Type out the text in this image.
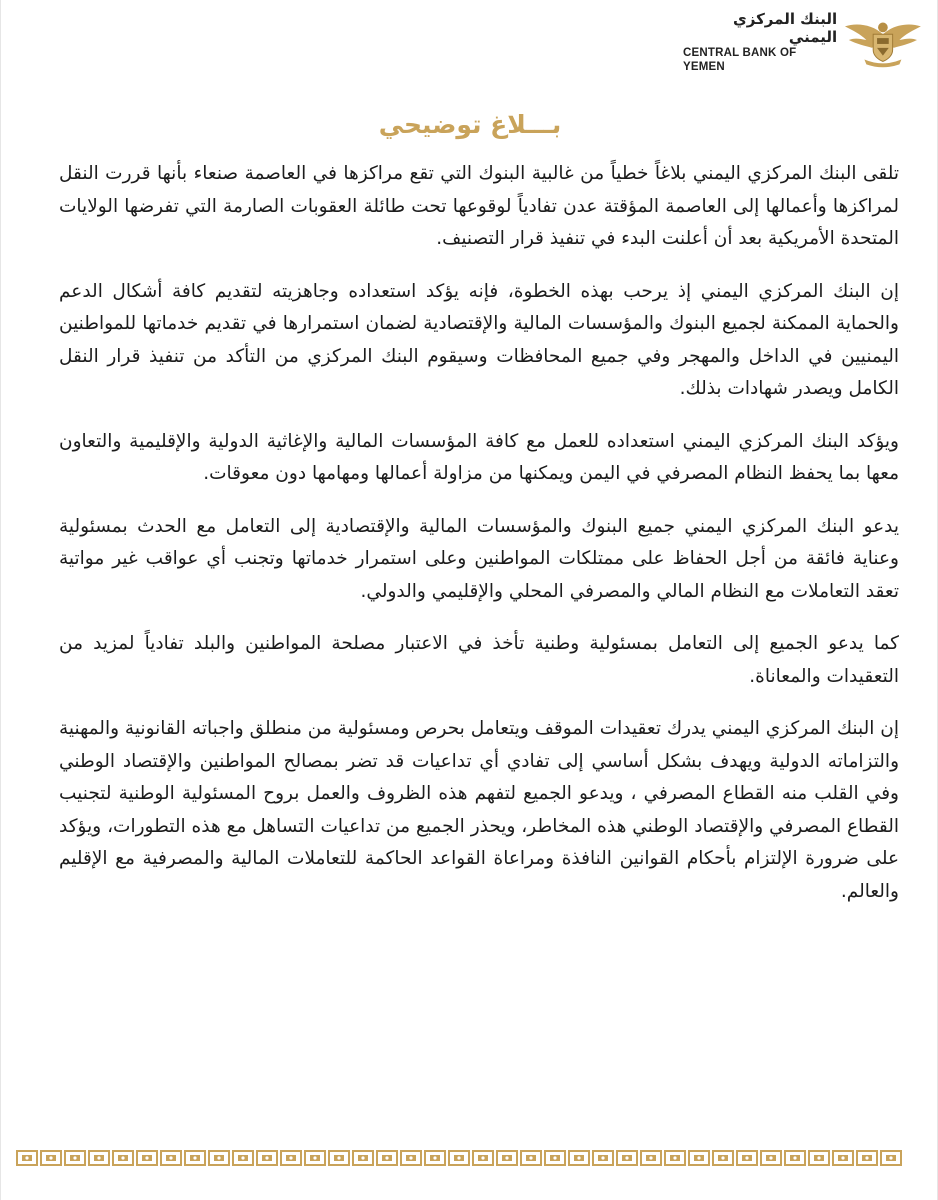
البنك المركزي اليمني
CENTRAL BANK OF YEMEN
بـــلاغ توضيحي

تلقى البنك المركزي اليمني بلاغاً خطياً من غالبية البنوك التي تقع مراكزها في العاصمة صنعاء بأنها قررت النقل لمراكزها وأعمالها إلى العاصمة المؤقتة عدن تفادياً لوقوعها تحت طائلة العقوبات الصارمة التي تفرضها الولايات المتحدة الأمريكية بعد أن أعلنت البدء في تنفيذ قرار التصنيف.

إن البنك المركزي اليمني إذ يرحب بهذه الخطوة، فإنه يؤكد استعداده وجاهزيته لتقديم كافة أشكال الدعم والحماية الممكنة لجميع البنوك والمؤسسات المالية والإقتصادية لضمان استمرارها في تقديم خدماتها للمواطنين اليمنيين في الداخل والمهجر وفي جميع المحافظات وسيقوم البنك المركزي من التأكد من تنفيذ قرار النقل الكامل ويصدر شهادات بذلك.

ويؤكد البنك المركزي اليمني استعداده للعمل مع كافة المؤسسات المالية والإغاثية الدولية والإقليمية والتعاون معها بما يحفظ النظام المصرفي في اليمن ويمكنها من مزاولة أعمالها ومهامها دون معوقات.

يدعو البنك المركزي اليمني جميع البنوك والمؤسسات المالية والإقتصادية إلى التعامل مع الحدث بمسئولية وعناية فائقة من أجل الحفاظ على ممتلكات المواطنين وعلى استمرار خدماتها وتجنب أي عواقب غير مواتية تعقد التعاملات مع النظام المالي والمصرفي المحلي والإقليمي والدولي.

كما يدعو الجميع إلى التعامل بمسئولية وطنية تأخذ في الاعتبار مصلحة المواطنين والبلد تفادياً لمزيد من التعقيدات والمعاناة.

إن البنك المركزي اليمني يدرك تعقيدات الموقف ويتعامل بحرص ومسئولية من منطلق واجباته القانونية والمهنية والتزاماته الدولية ويهدف بشكل أساسي إلى تفادي أي تداعيات قد تضر بمصالح المواطنين والإقتصاد الوطني وفي القلب منه القطاع المصرفي ، ويدعو الجميع لتفهم هذه الظروف والعمل بروح المسئولية الوطنية لتجنيب القطاع المصرفي والإقتصاد الوطني هذه المخاطر، ويحذر الجميع من تداعيات التساهل مع هذه التطورات، ويؤكد على ضرورة الإلتزام بأحكام القوانين النافذة ومراعاة القواعد الحاكمة للتعاملات المالية والمصرفية مع الإقليم والعالم.
